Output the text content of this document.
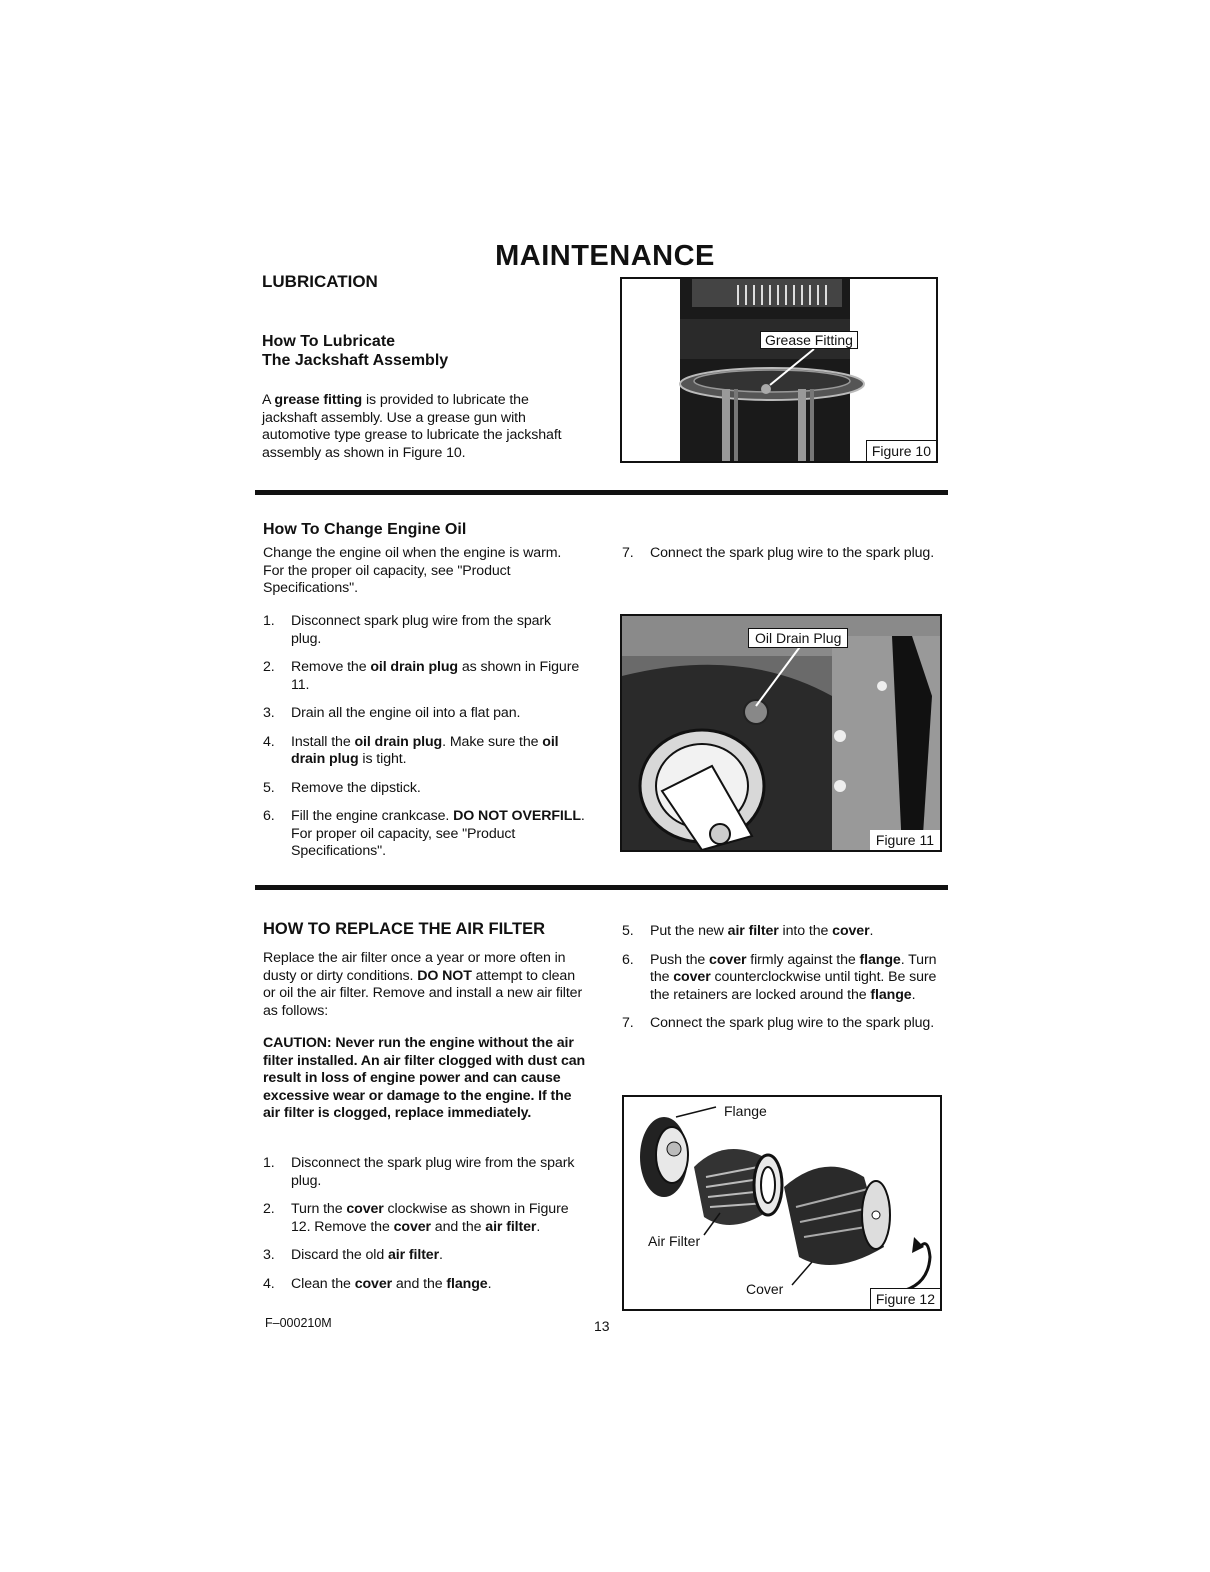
MAINTENANCE
LUBRICATION
How To Lubricate
The Jackshaft Assembly
A grease fitting is provided to lubricate the jackshaft assembly. Use a grease gun with automotive type grease to lubricate the jackshaft assembly as shown in Figure 10.
Grease Fitting
Figure 10
How To Change Engine Oil
Change the engine oil when the engine is warm. For the proper oil capacity, see "Product Specifications".
1. Disconnect spark plug wire from the spark plug.
2. Remove the oil drain plug as shown in Figure 11.
3. Drain all the engine oil into a flat pan.
4. Install the oil drain plug. Make sure the oil drain plug is tight.
5. Remove the dipstick.
6. Fill the engine crankcase. DO NOT OVERFILL. For proper oil capacity, see "Product Specifications".
7. Connect the spark plug wire to the spark plug.
Oil Drain Plug
Figure 11
HOW TO REPLACE THE AIR FILTER
Replace the air filter once a year or more often in dusty or dirty conditions. DO NOT attempt to clean or oil the air filter. Remove and install a new air filter as follows:
CAUTION: Never run the engine without the air filter installed. An air filter clogged with dust can result in loss of engine power and can cause excessive wear or damage to the engine. If the air filter is clogged, replace immediately.
1. Disconnect the spark plug wire from the spark plug.
2. Turn the cover clockwise as shown in Figure 12. Remove the cover and the air filter.
3. Discard the old air filter.
4. Clean the cover and the flange.
5. Put the new air filter into the cover.
6. Push the cover firmly against the flange. Turn the cover counterclockwise until tight. Be sure the retainers are locked around the flange.
7. Connect the spark plug wire to the spark plug.
Flange
Air Filter
Cover
Figure 12
F–000210M	13
